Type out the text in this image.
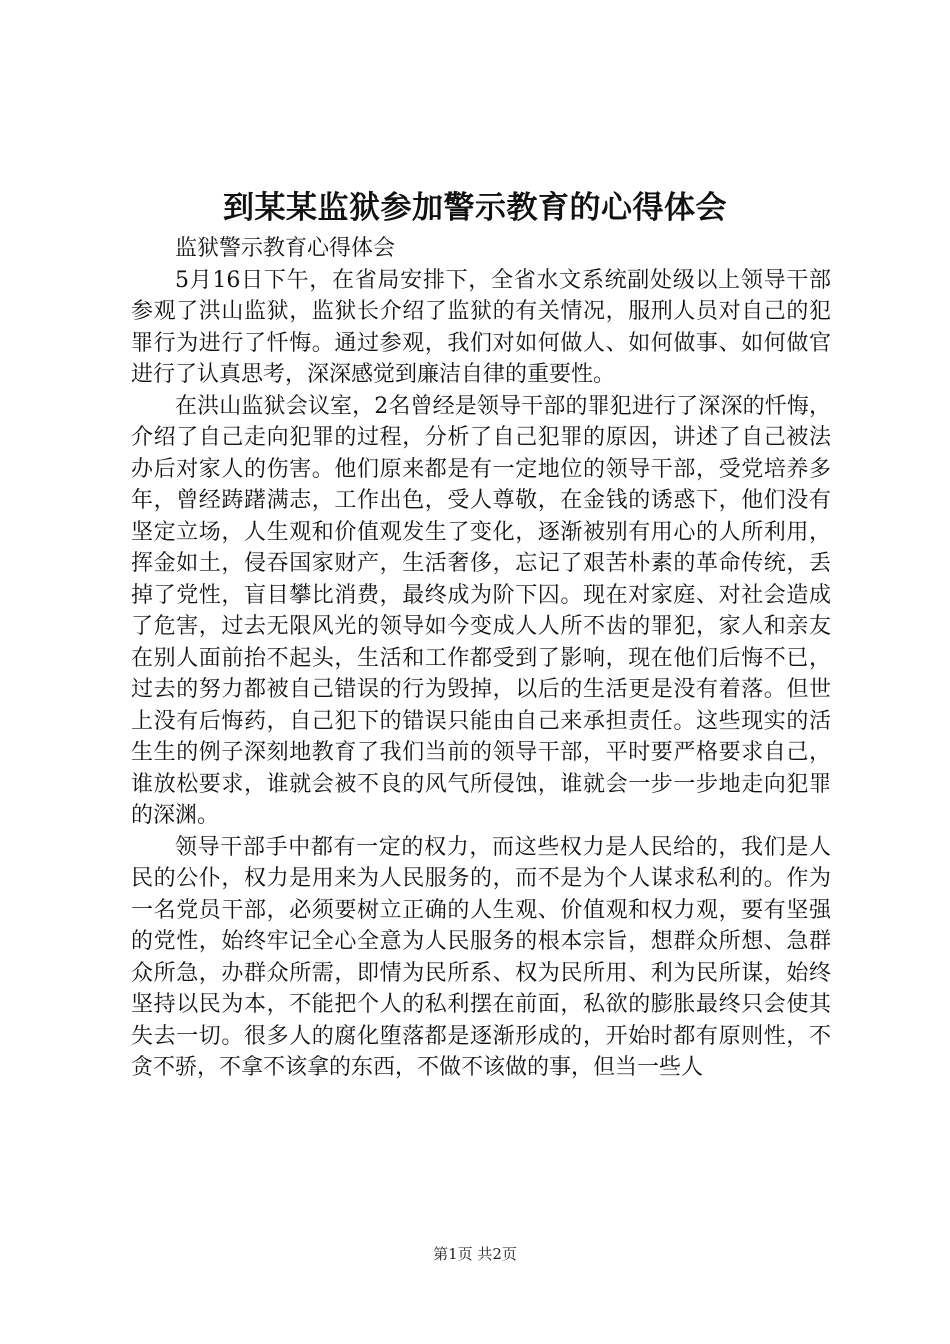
到某某监狱参加警示教育的心得体会

监狱警示教育心得体会

5月16日下午，在省局安排下，全省水文系统副处级以上领导干部参观了洪山监狱，监狱长介绍了监狱的有关情况，服刑人员对自己的犯罪行为进行了忏悔。通过参观，我们对如何做人、如何做事、如何做官进行了认真思考，深深感觉到廉洁自律的重要性。

在洪山监狱会议室，2名曾经是领导干部的罪犯进行了深深的忏悔，介绍了自己走向犯罪的过程，分析了自己犯罪的原因，讲述了自己被法办后对家人的伤害。他们原来都是有一定地位的领导干部，受党培养多年，曾经踌躇满志，工作出色，受人尊敬，在金钱的诱惑下，他们没有坚定立场，人生观和价值观发生了变化，逐渐被别有用心的人所利用，挥金如土，侵吞国家财产，生活奢侈，忘记了艰苦朴素的革命传统，丢掉了党性，盲目攀比消费，最终成为阶下囚。现在对家庭、对社会造成了危害，过去无限风光的领导如今变成人人所不齿的罪犯，家人和亲友在别人面前抬不起头，生活和工作都受到了影响，现在他们后悔不已，过去的努力都被自己错误的行为毁掉，以后的生活更是没有着落。但世上没有后悔药，自己犯下的错误只能由自己来承担责任。这些现实的活生生的例子深刻地教育了我们当前的领导干部，平时要严格要求自己，谁放松要求，谁就会被不良的风气所侵蚀，谁就会一步一步地走向犯罪的深渊。

领导干部手中都有一定的权力，而这些权力是人民给的，我们是人民的公仆，权力是用来为人民服务的，而不是为个人谋求私利的。作为一名党员干部，必须要树立正确的人生观、价值观和权力观，要有坚强的党性，始终牢记全心全意为人民服务的根本宗旨，想群众所想、急群众所急，办群众所需，即情为民所系、权为民所用、利为民所谋，始终坚持以民为本，不能把个人的私利摆在前面，私欲的膨胀最终只会使其失去一切。很多人的腐化堕落都是逐渐形成的，开始时都有原则性，不贪不骄，不拿不该拿的东西，不做不该做的事，但当一些人

第1页 共2页
